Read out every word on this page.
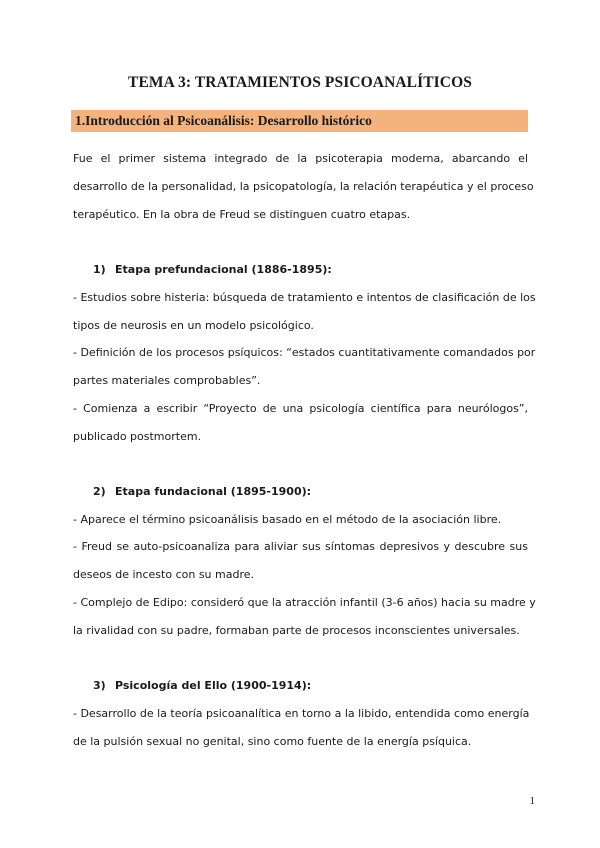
TEMA 3: TRATAMIENTOS PSICOANALÍTICOS
1.Introducción al Psicoanálisis: Desarrollo histórico
Fue el primer sistema integrado de la psicoterapia moderna, abarcando el
desarrollo de la personalidad, la psicopatología, la relación terapéutica y el proceso
terapéutico. En la obra de Freud se distinguen cuatro etapas.
1) Etapa prefundacional (1886-1895):
- Estudios sobre histeria: búsqueda de tratamiento e intentos de clasificación de los
tipos de neurosis en un modelo psicológico.
- Definición de los procesos psíquicos: “estados cuantitativamente comandados por
partes materiales comprobables”.
- Comienza a escribir “Proyecto de una psicología científica para neurólogos”,
publicado postmortem.
2) Etapa fundacional (1895-1900):
- Aparece el término psicoanálisis basado en el método de la asociación libre.
- Freud se auto-psicoanaliza para aliviar sus síntomas depresivos y descubre sus
deseos de incesto con su madre.
- Complejo de Edipo: consideró que la atracción infantil (3-6 años) hacia su madre y
la rivalidad con su padre, formaban parte de procesos inconscientes universales.
3) Psicología del Ello (1900-1914):
- Desarrollo de la teoría psicoanalítica en torno a la libido, entendida como energía
de la pulsión sexual no genital, sino como fuente de la energía psíquica.
1
